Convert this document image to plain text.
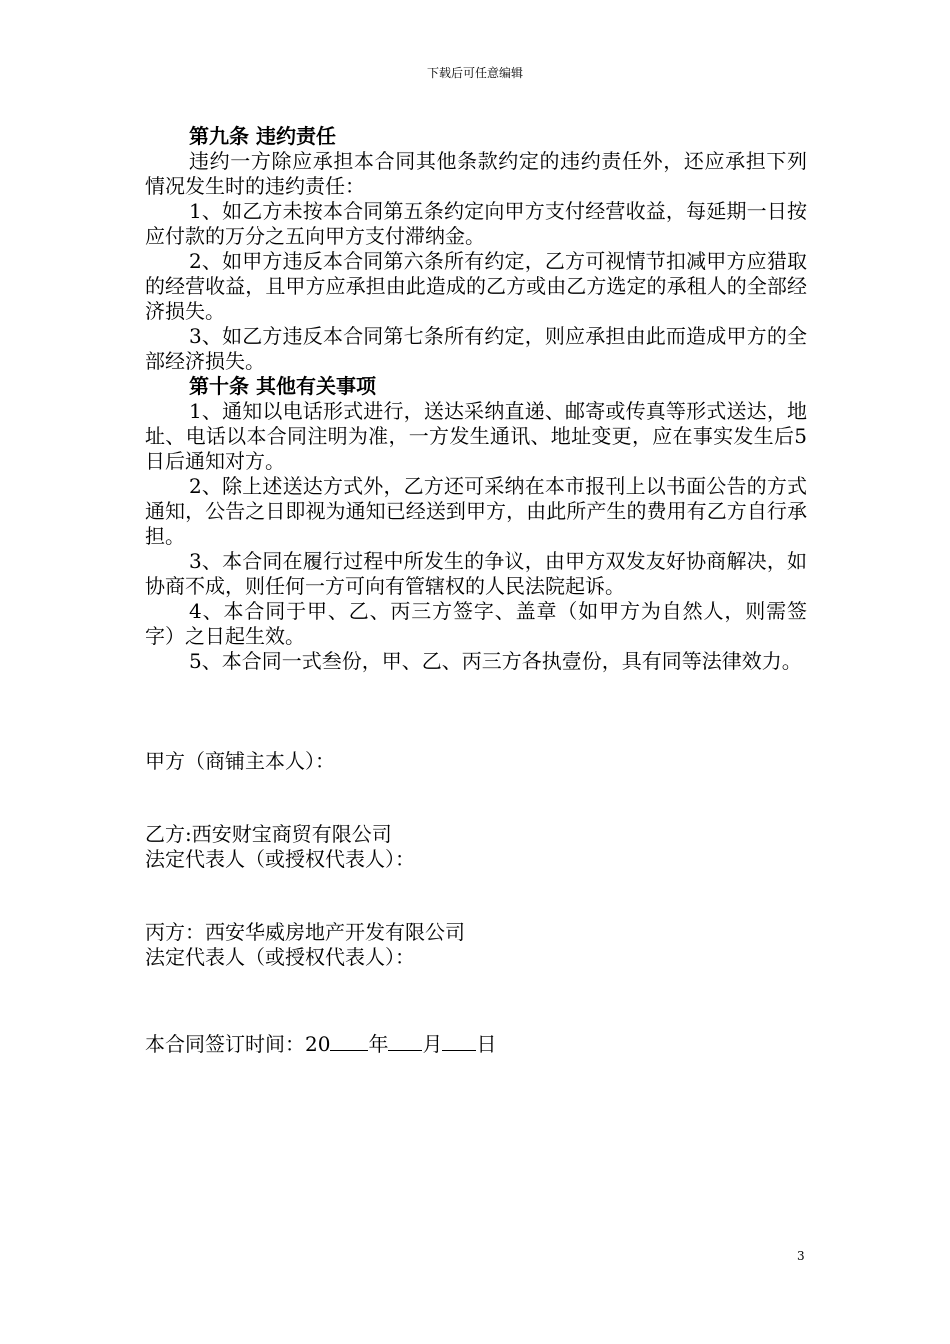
下载后可任意编辑

第九条 违约责任

违约一方除应承担本合同其他条款约定的违约责任外，还应承担下列情况发生时的违约责任：

1、如乙方未按本合同第五条约定向甲方支付经营收益，每延期一日按应付款的万分之五向甲方支付滞纳金。

2、如甲方违反本合同第六条所有约定，乙方可视情节扣减甲方应猎取的经营收益，且甲方应承担由此造成的乙方或由乙方选定的承租人的全部经济损失。

3、如乙方违反本合同第七条所有约定，则应承担由此而造成甲方的全部经济损失。

第十条 其他有关事项

1、通知以电话形式进行，送达采纳直递、邮寄或传真等形式送达，地址、电话以本合同注明为准，一方发生通讯、地址变更，应在事实发生后5日后通知对方。

2、除上述送达方式外，乙方还可采纳在本市报刊上以书面公告的方式通知，公告之日即视为通知已经送到甲方，由此所产生的费用有乙方自行承担。

3、本合同在履行过程中所发生的争议，由甲方双发友好协商解决，如协商不成，则任何一方可向有管辖权的人民法院起诉。

4、本合同于甲、乙、丙三方签字、盖章（如甲方为自然人，则需签字）之日起生效。

5、本合同一式叁份，甲、乙、丙三方各执壹份，具有同等法律效力。

甲方（商铺主本人）：

乙方:西安财宝商贸有限公司

法定代表人（或授权代表人）：

丙方：西安华威房地产开发有限公司

法定代表人（或授权代表人）：

本合同签订时间：20 年 月 日

3
